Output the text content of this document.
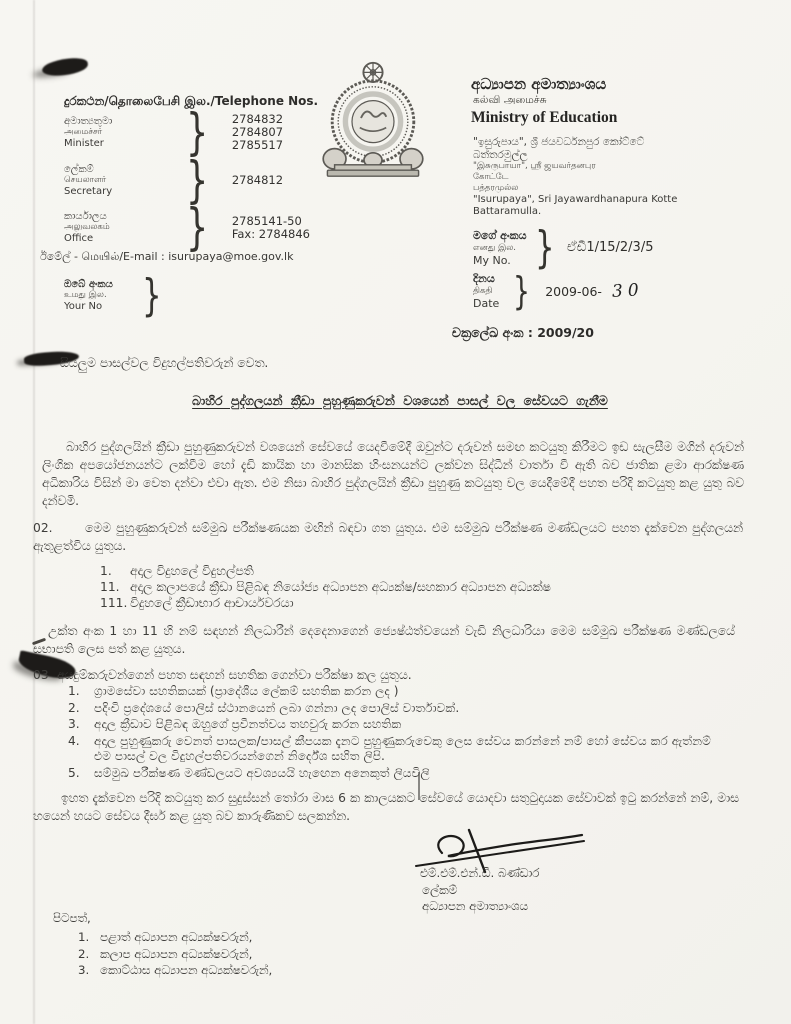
දුරකථන/தொலைபேசி இல./Telephone Nos.
අමාත්‍යතුමා
அமைச்சர்
Minister	} 2784832
2784807
2785517
ලේකම්
செயலாளர்
Secretary	} 2784812
කාර්යාලය
அலுவலகம்
Office	} 2785141-50
Fax: 2784846
ඊමේල් - மெயில்/E-mail : isurupaya@moe.gov.lk
ඔබේ අංකය
உமது இல.
Your No }
අධ්‍යාපන අමාත්‍යාංශය
கல்வி அமைச்சு
Ministry of Education
"ඉසුරුපාය", ශ්‍රී ජයවර්ධනපුර කෝට්ටේ
බත්තරමුල්ල
"இசுருபாயா", ஸ்ரீ ஜயவர்தனபுர
கோட்டே
பத்தரமுல்ல
"Isurupaya", Sri Jayawardhanapura Kotte
Battaramulla.
මගේ අංකය
எனது இல.
My No. } ඒඩී1/15/2/3/5
දිනය
திகதி
Date } 2009-06- 30
චක්‍රලේඛ අංක : 2009/20
සියලුම පාසල්වල විදුහල්පතිවරුන් වෙත.
බාහිර පුද්ගලයන් ක්‍රීඩා පුහුණුකරුවන් වශයෙන් පාසල් වල සේවයට ගැනීම
බාහිර පුද්ගලයින් ක්‍රීඩා පුහුණුකරුවන් වශයෙන් සේවයේ යෙදවීමේදී ඔවුන්ට දරුවන් සමඟ කටයුතු කිරීමට ඉඩ සැලසීම මගින් දරුවන් ලිංගික අපයෝජනයන්ට ලක්වීම හෝ දැඩි කායික හා මානසික හිංසනයන්ට ලක්වන සිද්ධීන් වාර්තා වී ඇති බව ජාතික ළමා ආරක්ෂණ අධිකාරිය විසින් මා වෙත දන්වා එවා ඇත. එම නිසා බාහිර පුද්ගලයින් ක්‍රීඩා පුහුණු කටයුතු වල යෙදීමේදී පහත පරිදි කටයුතු කළ යුතු බව දන්වමි.
02.	මෙම පුහුණුකරුවන් සම්මුඛ පරීක්ෂණයක මඟින් බඳවා ගත යුතුය. එම සම්මුඛ පරීක්ෂණ මණ්ඩලයට පහත දැක්වෙන පුද්ගලයන් ඇතුළත්විය යුතුය.
1.	අදාල විදුහලේ විදුහල්පති
11. අදාල කලාපයේ ක්‍රීඩා පිළිබඳ නියෝජ්‍ය අධ්‍යාපන අධ්‍යක්ෂ/සහකාර අධ්‍යාපන අධ්‍යක්ෂ
111. විදුහලේ ක්‍රීඩාභාර ආචාර්යවරයා
උක්ත අංක 1 හා 11 හි නම් සඳහන් නිලධාරීන් දෙදෙනාගෙන් ජ්‍යෙෂ්ඨත්වයෙන් වැඩි නිලධාරියා මෙම සම්මුඛ පරීක්ෂණ මණ්ඩලයේ සභාපති ලෙස පත් කළ යුතුය.
03 අයදුම්කරුවන්ගෙන් පහත සඳහන් සහතික ගෙන්වා පරීක්ෂා කල යුතුය.
1.	ග්‍රාමසේවා සහතිකයක් (ප්‍රාදේශීය ලේකම් සහතික කරන ලද )
2.	පදිංචි ප්‍රදේශයේ පොලිස් ස්ථානයෙන් ලබා ගන්නා ලද පොලිස් වාර්තාවක්.
3.	අදාල ක්‍රීඩාව පිළිබඳ ඔහුගේ ප්‍රවීනත්වය තහවුරු කරන සහතික
4.	අදාල පුහුණුකරු වෙනත් පාසලක/පාසල් කීපයක දැනට පුහුණුකරුවෙකු ලෙස සේවය කරන්නේ නම් හෝ සේවය කර ඇත්නම් එම පාසල් වල විදුහල්පතිවරයන්ගෙන් නිර්දේශ සහිත ලිපි.
5.	සම්මුඛ පරීක්ෂණ මණ්ඩලයට අවශ්‍යයයි හැඟෙන අනෙකුත් ලියවිලි
ඉහත දැක්වෙන පරිදි කටයුතු කර සුදුස්සන් තෝරා මාස 6 ක කාලයකට සේවයේ යොදවා සතුටුදායක සේවාවක් ඉටු කරන්නේ නම්, මාස හයෙන් හයට සේවය දීර්ඝ කළ යුතු බව කාරුණිකව සලකන්න.
එම්.එම්.එන්.ඩී. බණ්ඩාර
ලේකම්
අධ්‍යාපන අමාත්‍යාංශය
පිටපත්,
1. පළාත් අධ්‍යාපන අධ්‍යක්ෂවරුන්,
2. කලාප අධ්‍යාපන අධ්‍යක්ෂවරුන්,
3. කොට්ඨාස අධ්‍යාපන අධ්‍යක්ෂවරුන්,
